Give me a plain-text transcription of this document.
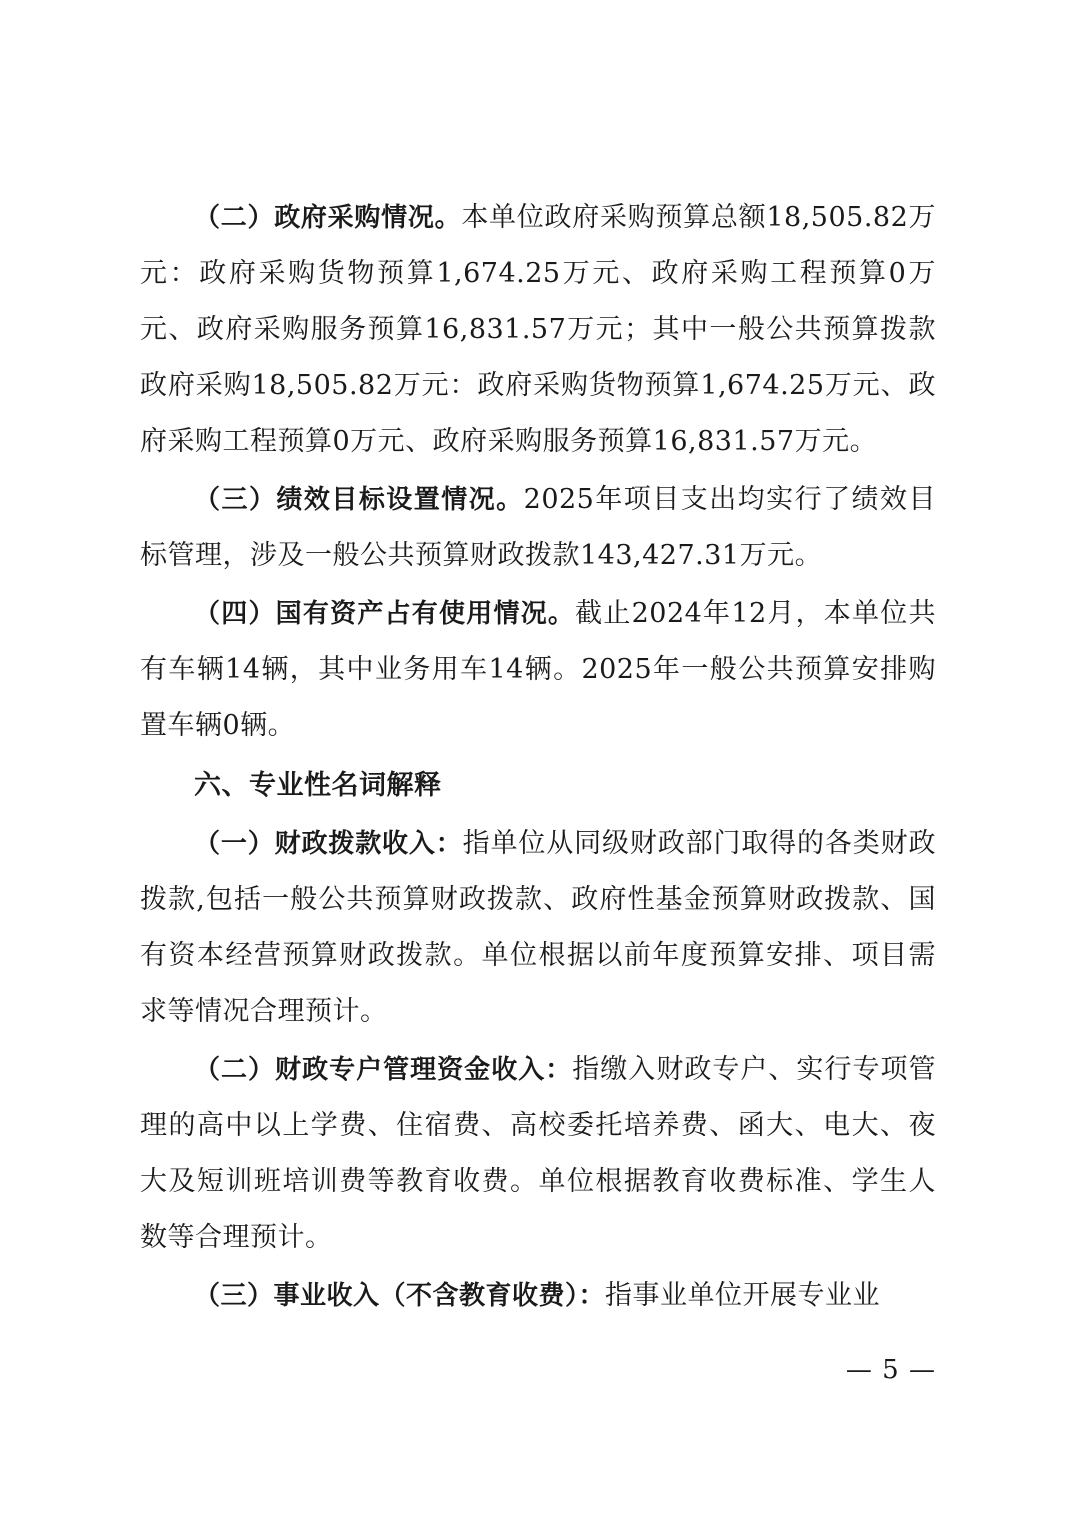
（二）政府采购情况。本单位政府采购预算总额18,505.82万元：政府采购货物预算1,674.25万元、政府采购工程预算0万元、政府采购服务预算16,831.57万元；其中一般公共预算拨款政府采购18,505.82万元：政府采购货物预算1,674.25万元、政府采购工程预算0万元、政府采购服务预算16,831.57万元。

（三）绩效目标设置情况。2025年项目支出均实行了绩效目标管理，涉及一般公共预算财政拨款143,427.31万元。

（四）国有资产占有使用情况。截止2024年12月，本单位共有车辆14辆，其中业务用车14辆。2025年一般公共预算安排购置车辆0辆。

六、专业性名词解释

（一）财政拨款收入：指单位从同级财政部门取得的各类财政拨款,包括一般公共预算财政拨款、政府性基金预算财政拨款、国有资本经营预算财政拨款。单位根据以前年度预算安排、项目需求等情况合理预计。

（二）财政专户管理资金收入：指缴入财政专户、实行专项管理的高中以上学费、住宿费、高校委托培养费、函大、电大、夜大及短训班培训费等教育收费。单位根据教育收费标准、学生人数等合理预计。

（三）事业收入（不含教育收费）：指事业单位开展专业业

— 5 —
